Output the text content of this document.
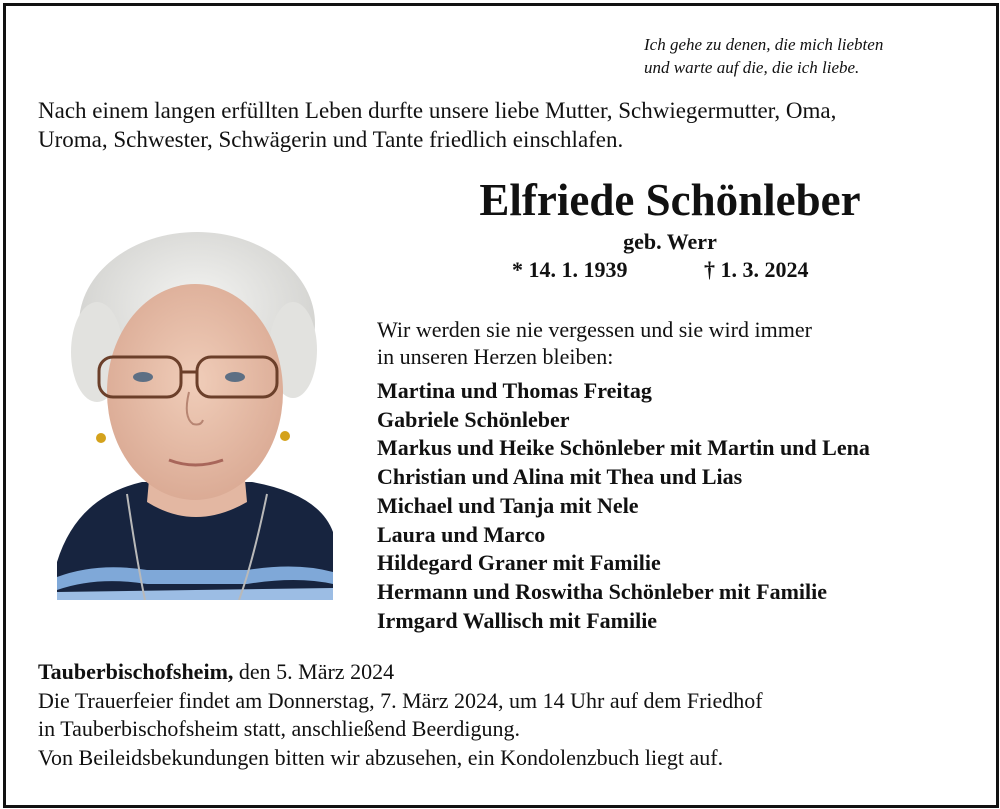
Ich gehe zu denen, die mich liebten
und warte auf die, die ich liebe.
Nach einem langen erfüllten Leben durfte unsere liebe Mutter, Schwiegermutter, Oma,
Uroma, Schwester, Schwägerin und Tante friedlich einschlafen.
Elfriede Schönleber
geb. Werr
* 14. 1. 1939	† 1. 3. 2024
Wir werden sie nie vergessen und sie wird immer
in unseren Herzen bleiben:
Martina und Thomas Freitag
Gabriele Schönleber
Markus und Heike Schönleber mit Martin und Lena
Christian und Alina mit Thea und Lias
Michael und Tanja mit Nele
Laura und Marco
Hildegard Graner mit Familie
Hermann und Roswitha Schönleber mit Familie
Irmgard Wallisch mit Familie
Tauberbischofsheim, den 5. März 2024
Die Trauerfeier findet am Donnerstag, 7. März 2024, um 14 Uhr auf dem Friedhof
in Tauberbischofsheim statt, anschließend Beerdigung.
Von Beileidsbekundungen bitten wir abzusehen, ein Kondolenzbuch liegt auf.
